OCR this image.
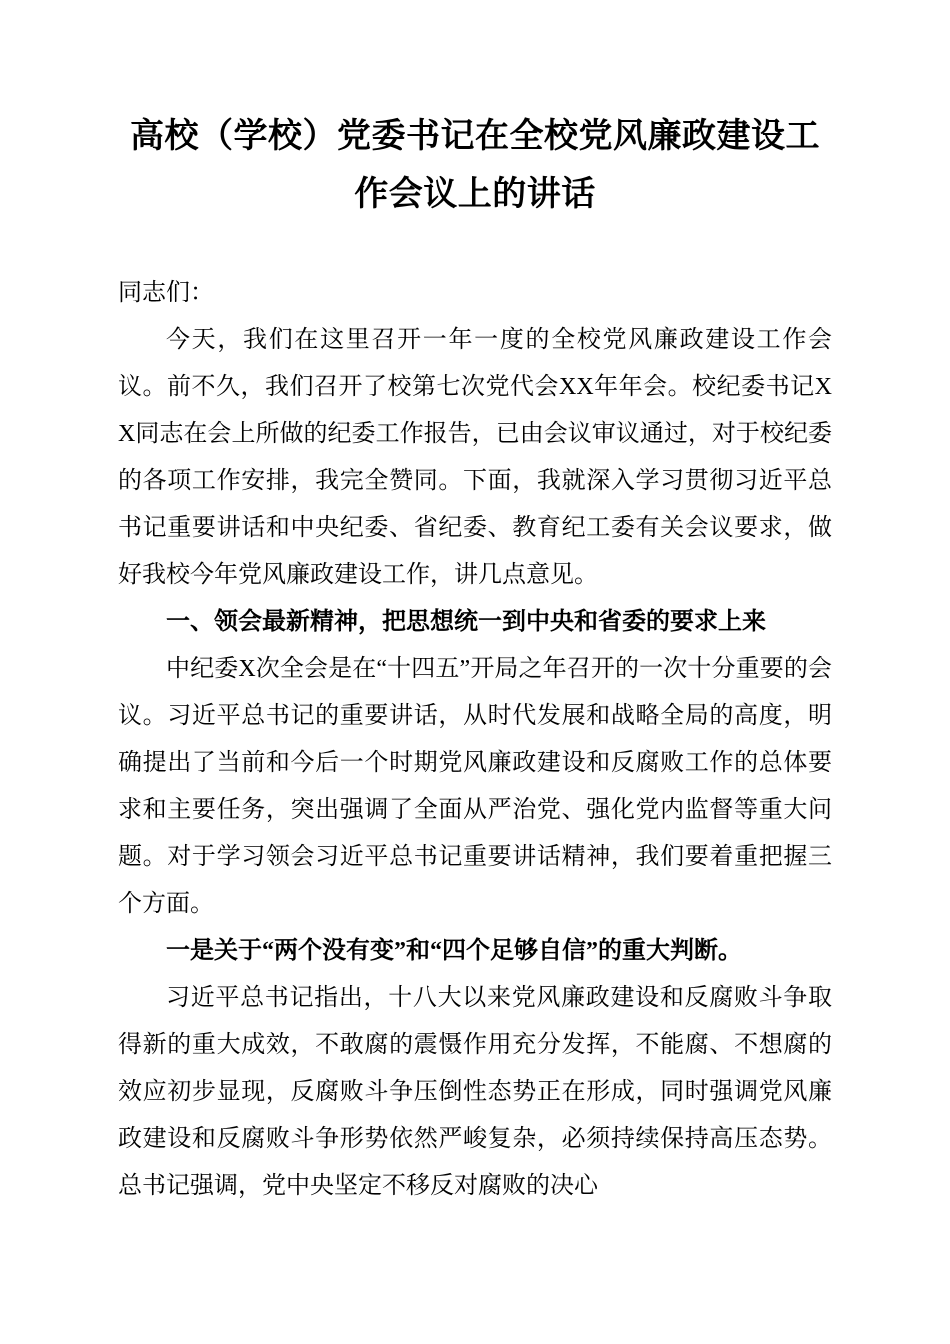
高校（学校）党委书记在全校党风廉政建设工作会议上的讲话

同志们：

今天，我们在这里召开一年一度的全校党风廉政建设工作会议。前不久，我们召开了校第七次党代会XX年年会。校纪委书记XX同志在会上所做的纪委工作报告，已由会议审议通过，对于校纪委的各项工作安排，我完全赞同。下面，我就深入学习贯彻习近平总书记重要讲话和中央纪委、省纪委、教育纪工委有关会议要求，做好我校今年党风廉政建设工作，讲几点意见。

一、领会最新精神，把思想统一到中央和省委的要求上来

中纪委X次全会是在“十四五”开局之年召开的一次十分重要的会议。习近平总书记的重要讲话，从时代发展和战略全局的高度，明确提出了当前和今后一个时期党风廉政建设和反腐败工作的总体要求和主要任务，突出强调了全面从严治党、强化党内监督等重大问题。对于学习领会习近平总书记重要讲话精神，我们要着重把握三个方面。

一是关于“两个没有变”和“四个足够自信”的重大判断。

习近平总书记指出，十八大以来党风廉政建设和反腐败斗争取得新的重大成效，不敢腐的震慑作用充分发挥，不能腐、不想腐的效应初步显现，反腐败斗争压倒性态势正在形成，同时强调党风廉政建设和反腐败斗争形势依然严峻复杂，必须持续保持高压态势。总书记强调，党中央坚定不移反对腐败的决心
